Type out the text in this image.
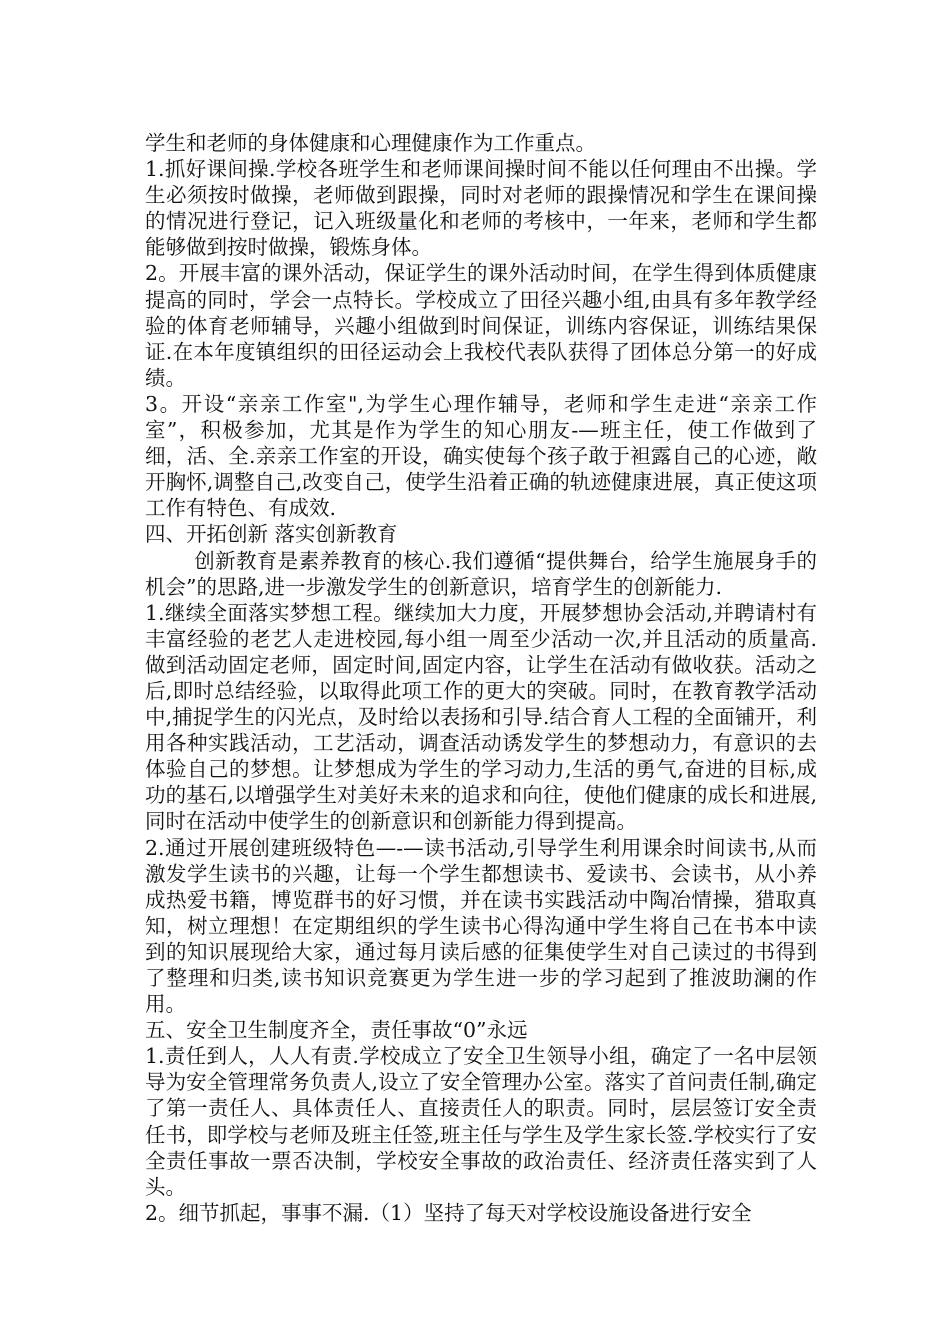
学生和老师的身体健康和心理健康作为工作重点。

1.抓好课间操.学校各班学生和老师课间操时间不能以任何理由不出操。学生必须按时做操，老师做到跟操，同时对老师的跟操情况和学生在课间操的情况进行登记，记入班级量化和老师的考核中，一年来，老师和学生都能够做到按时做操，锻炼身体。

2。开展丰富的课外活动，保证学生的课外活动时间，在学生得到体质健康提高的同时，学会一点特长。学校成立了田径兴趣小组,由具有多年教学经验的体育老师辅导，兴趣小组做到时间保证，训练内容保证，训练结果保证.在本年度镇组织的田径运动会上我校代表队获得了团体总分第一的好成绩。

3。开设“亲亲工作室",为学生心理作辅导，老师和学生走进“亲亲工作室”，积极参加，尤其是作为学生的知心朋友-—班主任，使工作做到了细，活、全.亲亲工作室的开设，确实使每个孩子敢于袒露自己的心迹，敞开胸怀,调整自己,改变自己，使学生沿着正确的轨迹健康进展，真正使这项工作有特色、有成效.

四、开拓创新 落实创新教育

创新教育是素养教育的核心.我们遵循“提供舞台，给学生施展身手的机会”的思路,进一步激发学生的创新意识，培育学生的创新能力.

1.继续全面落实梦想工程。继续加大力度，开展梦想协会活动,并聘请村有丰富经验的老艺人走进校园,每小组一周至少活动一次,并且活动的质量高.做到活动固定老师，固定时间,固定内容，让学生在活动有做收获。活动之后,即时总结经验，以取得此项工作的更大的突破。同时，在教育教学活动中,捕捉学生的闪光点，及时给以表扬和引导.结合育人工程的全面铺开，利用各种实践活动，工艺活动，调查活动诱发学生的梦想动力，有意识的去体验自己的梦想。让梦想成为学生的学习动力,生活的勇气,奋进的目标,成功的基石,以增强学生对美好未来的追求和向往，使他们健康的成长和进展,同时在活动中使学生的创新意识和创新能力得到提高。

2.通过开展创建班级特色—-—读书活动,引导学生利用课余时间读书,从而激发学生读书的兴趣，让每一个学生都想读书、爱读书、会读书，从小养成热爱书籍，博览群书的好习惯，并在读书实践活动中陶冶情操，猎取真知，树立理想！在定期组织的学生读书心得沟通中学生将自己在书本中读到的知识展现给大家，通过每月读后感的征集使学生对自己读过的书得到了整理和归类,读书知识竞赛更为学生进一步的学习起到了推波助澜的作用。

五、安全卫生制度齐全，责任事故“0”永远

1.责任到人，人人有责.学校成立了安全卫生领导小组，确定了一名中层领导为安全管理常务负责人,设立了安全管理办公室。落实了首问责任制,确定了第一责任人、具体责任人、直接责任人的职责。同时，层层签订安全责任书，即学校与老师及班主任签,班主任与学生及学生家长签.学校实行了安全责任事故一票否决制，学校安全事故的政治责任、经济责任落实到了人头。

2。细节抓起，事事不漏.（1）坚持了每天对学校设施设备进行安全
